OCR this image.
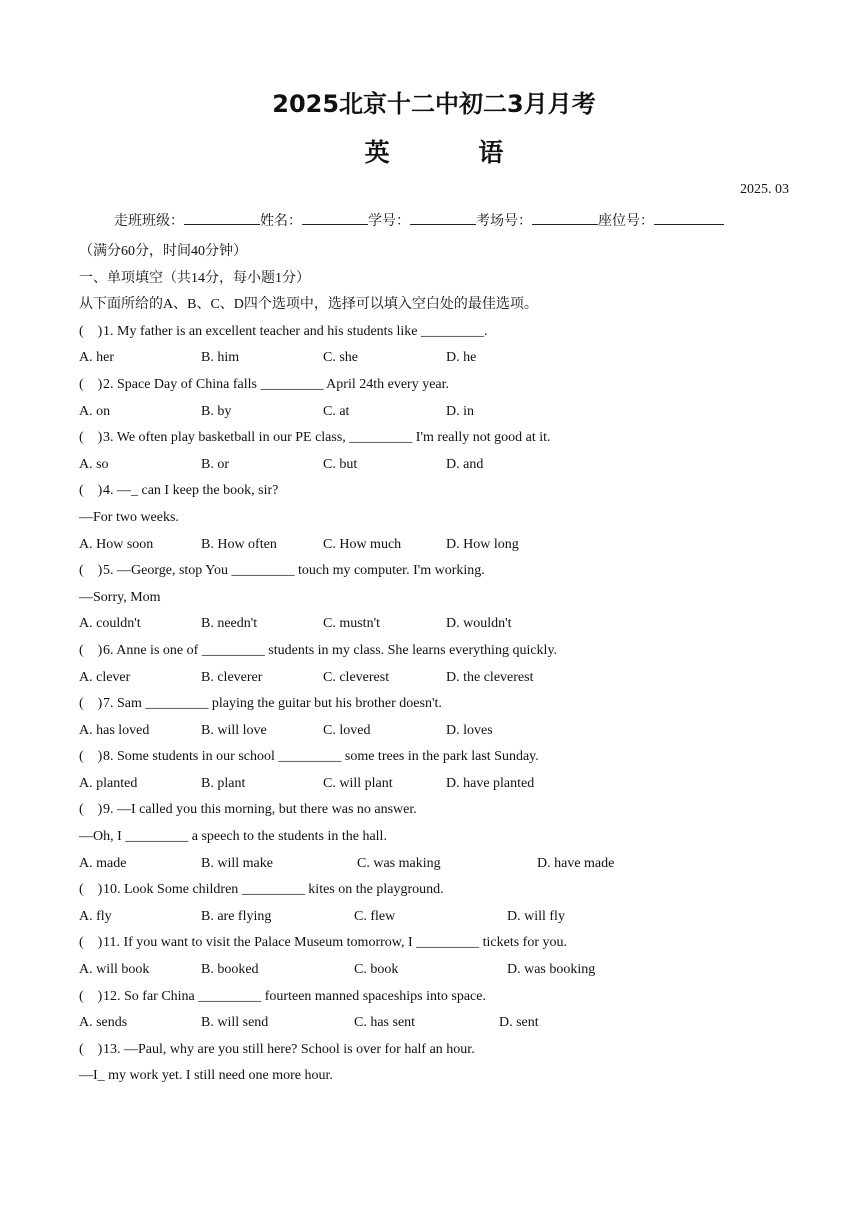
2025北京十二中初二3月月考
英 语
2025. 03
走班班级：	姓名：	学号：	考场号：	座位号：
（满分60分，时间40分钟）
一、单项填空（共14分，每小题1分）
从下面所给的A、B、C、D四个选项中，选择可以填入空白处的最佳选项。
(    )1. My father is an excellent teacher and his students like _________.
A. her	B. him	C. she	D. he
(    )2. Space Day of China falls _________ April 24th every year.
A. on	B. by	C. at	D. in
(    )3. We often play basketball in our PE class, _________ I'm really not good at it.
A. so	B. or	C. but	D. and
(    )4. —_ can I keep the book, sir?
—For two weeks.
A. How soon	B. How often	C. How much	D. How long
(    )5. —George, stop You _________ touch my computer. I'm working.
—Sorry, Mom
A. couldn't	B. needn't	C. mustn't	D. wouldn't
(    )6. Anne is one of _________ students in my class. She learns everything quickly.
A. clever	B. cleverer	C. cleverest	D. the cleverest
(    )7. Sam _________ playing the guitar but his brother doesn't.
A. has loved	B. will love	C. loved	D. loves
(    )8. Some students in our school _________ some trees in the park last Sunday.
A. planted	B. plant	C. will plant	D. have planted
(    )9. —I called you this morning, but there was no answer.
—Oh, I _________ a speech to the students in the hall.
A. made	B. will make	C. was making	D. have made
(    )10. Look Some children _________ kites on the playground.
A. fly	B. are flying	C. flew	D. will fly
(    )11. If you want to visit the Palace Museum tomorrow, I _________ tickets for you.
A. will book	B. booked	C. book	D. was booking
(    )12. So far China _________ fourteen manned spaceships into space.
A. sends	B. will send	C. has sent	D. sent
(    )13. —Paul, why are you still here? School is over for half an hour.
—I_ my work yet. I still need one more hour.
